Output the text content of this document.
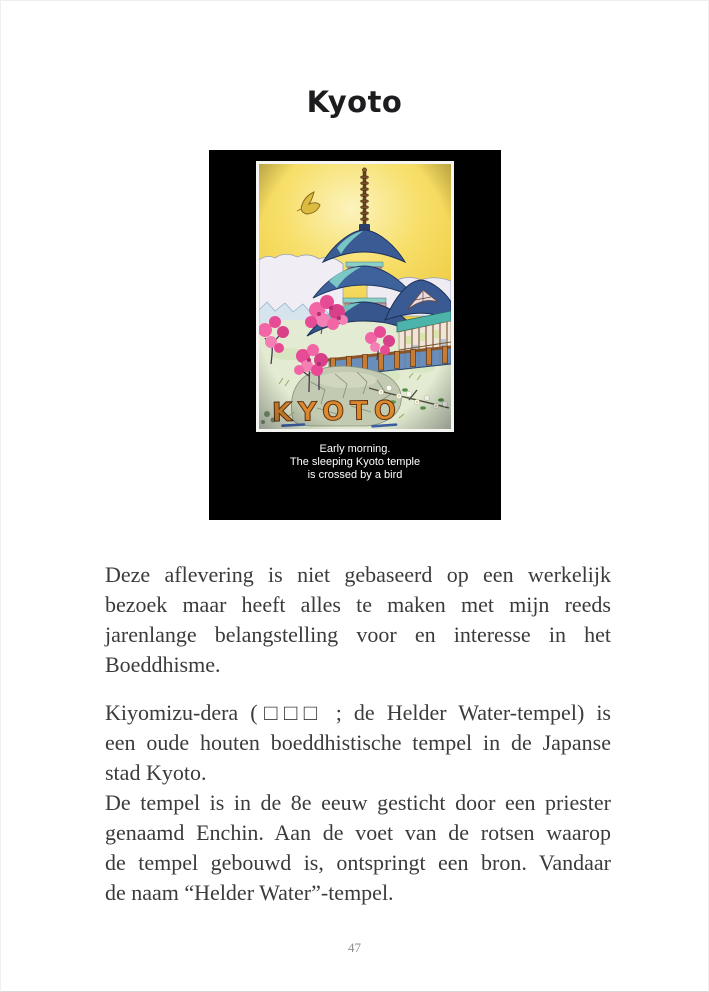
Kyoto
Early morning.
The sleeping Kyoto temple
is crossed by a bird

Deze aflevering is niet gebaseerd op een werkelijk
bezoek maar heeft alles te maken met mijn reeds
jarenlange belangstelling voor en interesse in het
Boeddhisme.

Kiyomizu-dera (□□□ ; de Helder Water-tempel) is
een oude houten boeddhistische tempel in de Japanse
stad Kyoto.
De tempel is in de 8e eeuw gesticht door een priester
genaamd Enchin. Aan de voet van de rotsen waarop
de tempel gebouwd is, ontspringt een bron. Vandaar
de naam “Helder Water”-tempel.

47
